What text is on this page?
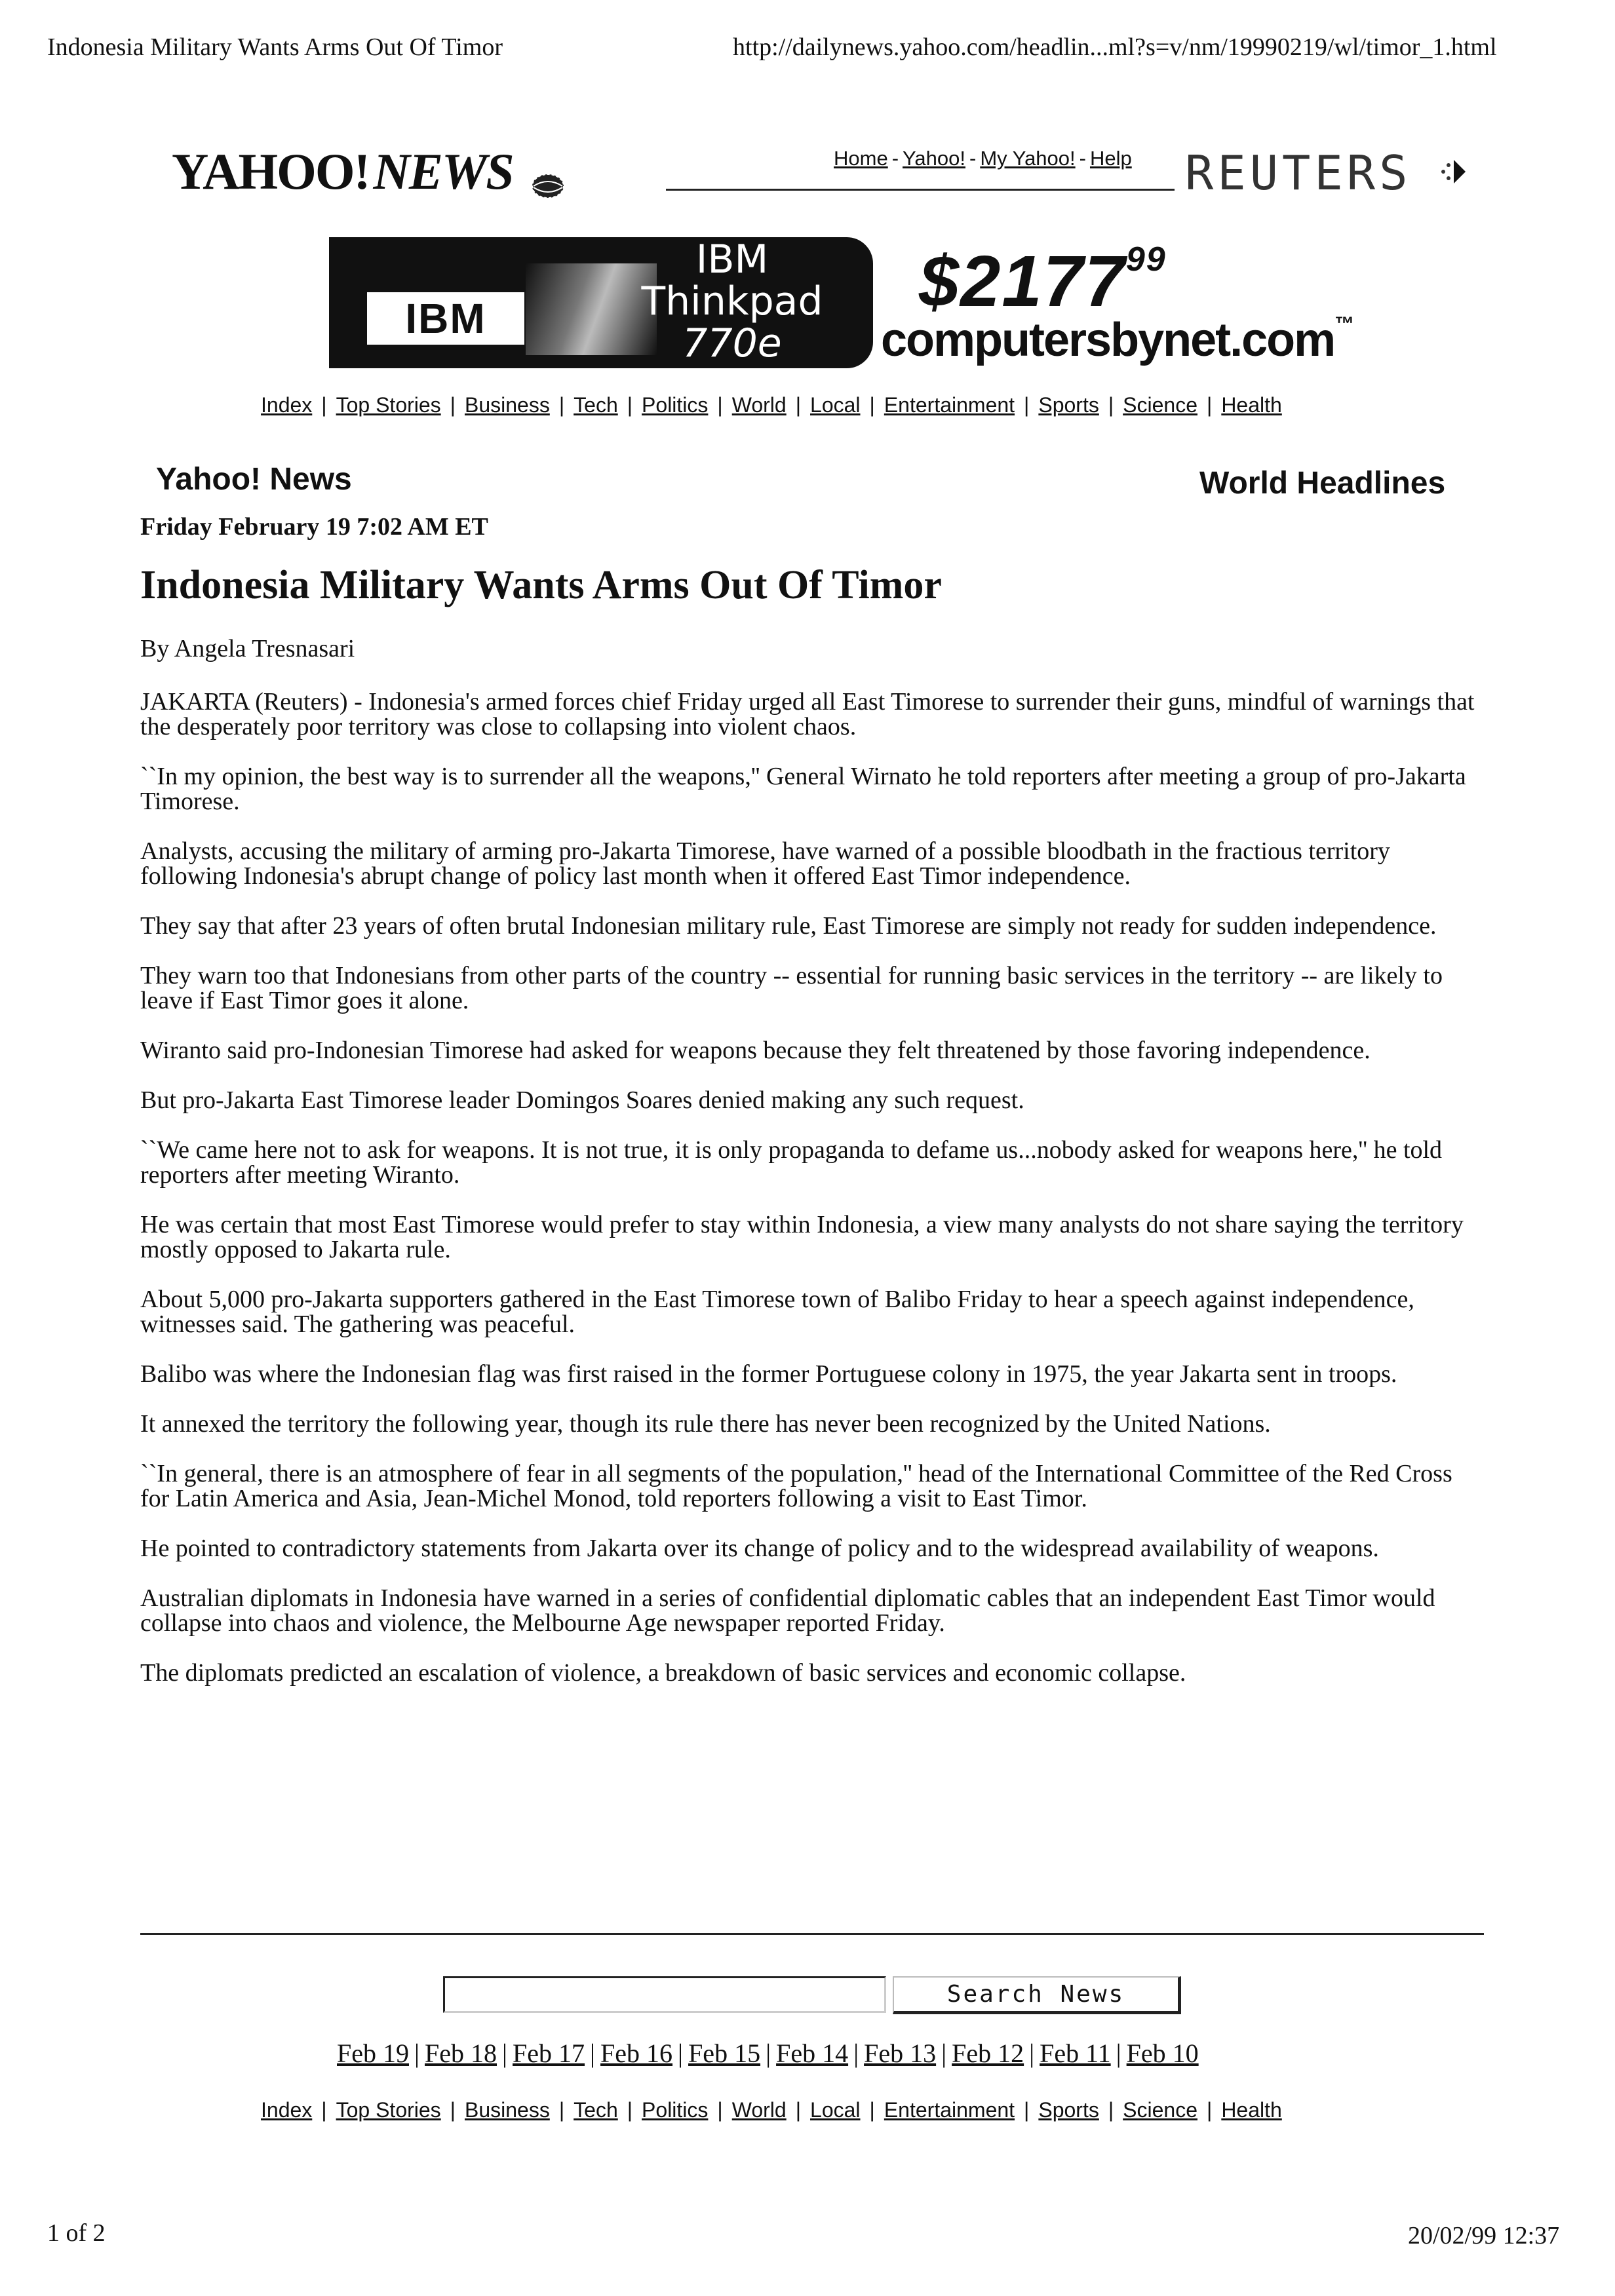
Indonesia Military Wants Arms Out Of Timor	http://dailynews.yahoo.com/headlin...ml?s=v/nm/19990219/wl/timor_1.html
YAHOO!NEWS	Home - Yahoo! - My Yahoo! - Help REUTERS
IBM
IBM
Thinkpad
770e
$2177$^{99}$
computersbynet.com™
Index | Top Stories | Business | Tech | Politics | World | Local | Entertainment | Sports | Science | Health
Yahoo! News	World Headlines
Friday February 19 7:02 AM ET
Indonesia Military Wants Arms Out Of Timor
By Angela Tresnasari

JAKARTA (Reuters) - Indonesia's armed forces chief Friday urged all East Timorese to surrender their guns, mindful of warnings that the desperately poor territory was close to collapsing into violent chaos.

``In my opinion, the best way is to surrender all the weapons,'' General Wirnato he told reporters after meeting a group of pro-Jakarta Timorese.

Analysts, accusing the military of arming pro-Jakarta Timorese, have warned of a possible bloodbath in the fractious territory following Indonesia's abrupt change of policy last month when it offered East Timor independence.

They say that after 23 years of often brutal Indonesian military rule, East Timorese are simply not ready for sudden independence.

They warn too that Indonesians from other parts of the country -- essential for running basic services in the territory -- are likely to leave if East Timor goes it alone.

Wiranto said pro-Indonesian Timorese had asked for weapons because they felt threatened by those favoring independence.

But pro-Jakarta East Timorese leader Domingos Soares denied making any such request.

``We came here not to ask for weapons. It is not true, it is only propaganda to defame us...nobody asked for weapons here,'' he told reporters after meeting Wiranto.

He was certain that most East Timorese would prefer to stay within Indonesia, a view many analysts do not share saying the territory mostly opposed to Jakarta rule.

About 5,000 pro-Jakarta supporters gathered in the East Timorese town of Balibo Friday to hear a speech against independence, witnesses said. The gathering was peaceful.

Balibo was where the Indonesian flag was first raised in the former Portuguese colony in 1975, the year Jakarta sent in troops.

It annexed the territory the following year, though its rule there has never been recognized by the United Nations.

``In general, there is an atmosphere of fear in all segments of the population,'' head of the International Committee of the Red Cross for Latin America and Asia, Jean-Michel Monod, told reporters following a visit to East Timor.

He pointed to contradictory statements from Jakarta over its change of policy and to the widespread availability of weapons.

Australian diplomats in Indonesia have warned in a series of confidential diplomatic cables that an independent East Timor would collapse into chaos and violence, the Melbourne Age newspaper reported Friday.

The diplomats predicted an escalation of violence, a breakdown of basic services and economic collapse.

Search News
Feb 19 | Feb 18 | Feb 17 | Feb 16 | Feb 15 | Feb 14 | Feb 13 | Feb 12 | Feb 11 | Feb 10
Index | Top Stories | Business | Tech | Politics | World | Local | Entertainment | Sports | Science | Health
1 of 2	20/02/99 12:37
